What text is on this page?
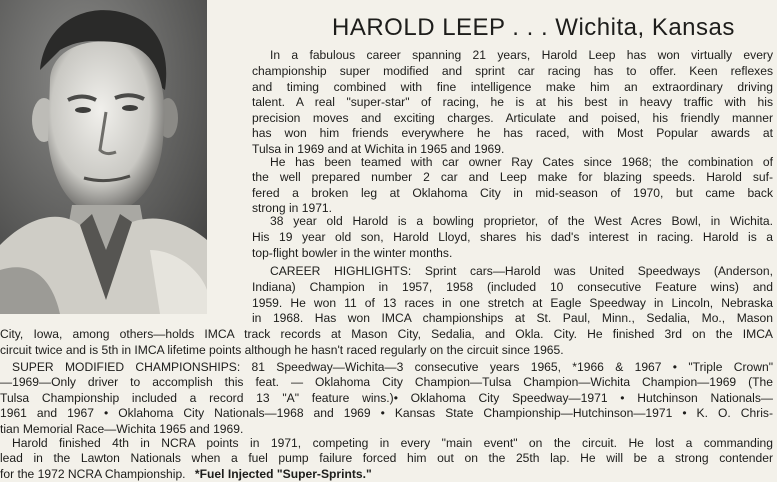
HAROLD LEEP . . . Wichita, Kansas
In a fabulous career spanning 21 years, Harold Leep has won virtually every
championship super modified and sprint car racing has to offer. Keen reflexes
and timing combined with fine intelligence make him an extraordinary driving
talent. A real "super-star" of racing, he is at his best in heavy traffic with his
precision moves and exciting charges. Articulate and poised, his friendly manner
has won him friends everywhere he has raced, with Most Popular awards at
Tulsa in 1969 and at Wichita in 1965 and 1969.
He has been teamed with car owner Ray Cates since 1968; the combination of
the well prepared number 2 car and Leep make for blazing speeds. Harold suf-
fered a broken leg at Oklahoma City in mid-season of 1970, but came back
strong in 1971.
38 year old Harold is a bowling proprietor, of the West Acres Bowl, in Wichita.
His 19 year old son, Harold Lloyd, shares his dad's interest in racing. Harold is a
top-flight bowler in the winter months.
CAREER HIGHLIGHTS: Sprint cars—Harold was United Speedways (Anderson,
Indiana) Champion in 1957, 1958 (included 10 consecutive Feature wins) and
1959. He won 11 of 13 races in one stretch at Eagle Speedway in Lincoln, Nebraska
in 1968. Has won IMCA championships at St. Paul, Minn., Sedalia, Mo., Mason
City, Iowa, among others—holds IMCA track records at Mason City, Sedalia, and Okla. City. He finished 3rd on the IMCA
circuit twice and is 5th in IMCA lifetime points although he hasn't raced regularly on the circuit since 1965.
SUPER MODIFIED CHAMPIONSHIPS: 81 Speedway—Wichita—3 consecutive years 1965, *1966 & 1967 • "Triple Crown"
—1969—Only driver to accomplish this feat. — Oklahoma City Champion—Tulsa Champion—Wichita Champion—1969 (The
Tulsa Championship included a record 13 "A" feature wins.)• Oklahoma City Speedway—1971 • Hutchinson Nationals—
1961 and 1967 • Oklahoma City Nationals—1968 and 1969 • Kansas State Championship—Hutchinson—1971 • K. O. Chris-
tian Memorial Race—Wichita 1965 and 1969.
Harold finished 4th in NCRA points in 1971, competing in every "main event" on the circuit. He lost a commanding
lead in the Lawton Nationals when a fuel pump failure forced him out on the 25th lap. He will be a strong contender
for the 1972 NCRA Championship. *Fuel Injected "Super-Sprints."
